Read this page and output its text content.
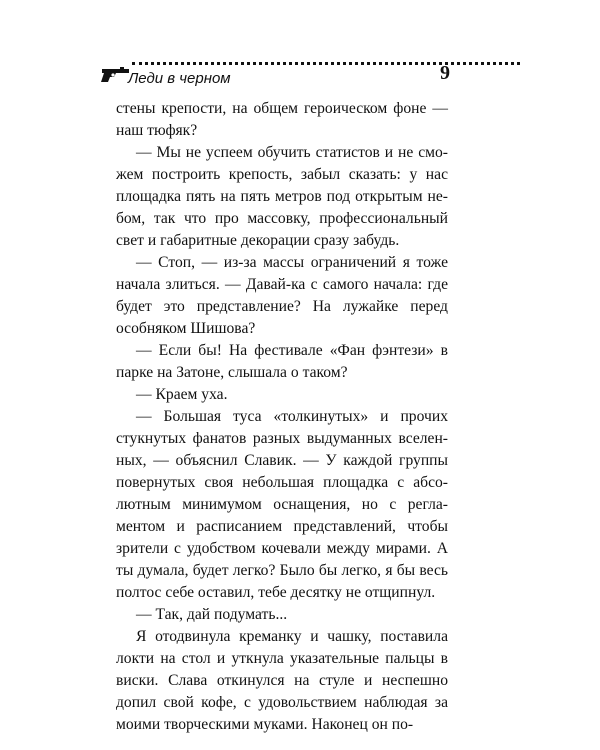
Леди в черном	9

стены крепости, на общем героическом фоне — наш тюфяк?

— Мы не успеем обучить статистов и не сможем построить крепость, забыл сказать: у нас площадка пять на пять метров под открытым небом, так что про массовку, профессиональный свет и габаритные декорации сразу забудь.

— Стоп, — из-за массы ограничений я тоже начала злиться. — Давай-ка с самого начала: где будет это представление? На лужайке перед особняком Шишова?

— Если бы! На фестивале «Фан фэнтези» в парке на Затоне, слышала о таком?

— Краем уха.

— Большая туса «толкинутых» и прочих стукнутых фанатов разных выдуманных вселенных, — объяснил Славик. — У каждой группы повернутых своя небольшая площадка с абсолютным минимумом оснащения, но с регламентом и расписанием представлений, чтобы зрители с удобством кочевали между мирами. А ты думала, будет легко? Было бы легко, я бы весь полтос себе оставил, тебе десятку не отщипнул.

— Так, дай подумать...

Я отодвинула креманку и чашку, поставила локти на стол и уткнула указательные пальцы в виски. Слава откинулся на стуле и неспешно допил свой кофе, с удовольствием наблюдая за моими творческими муками. Наконец он по-
